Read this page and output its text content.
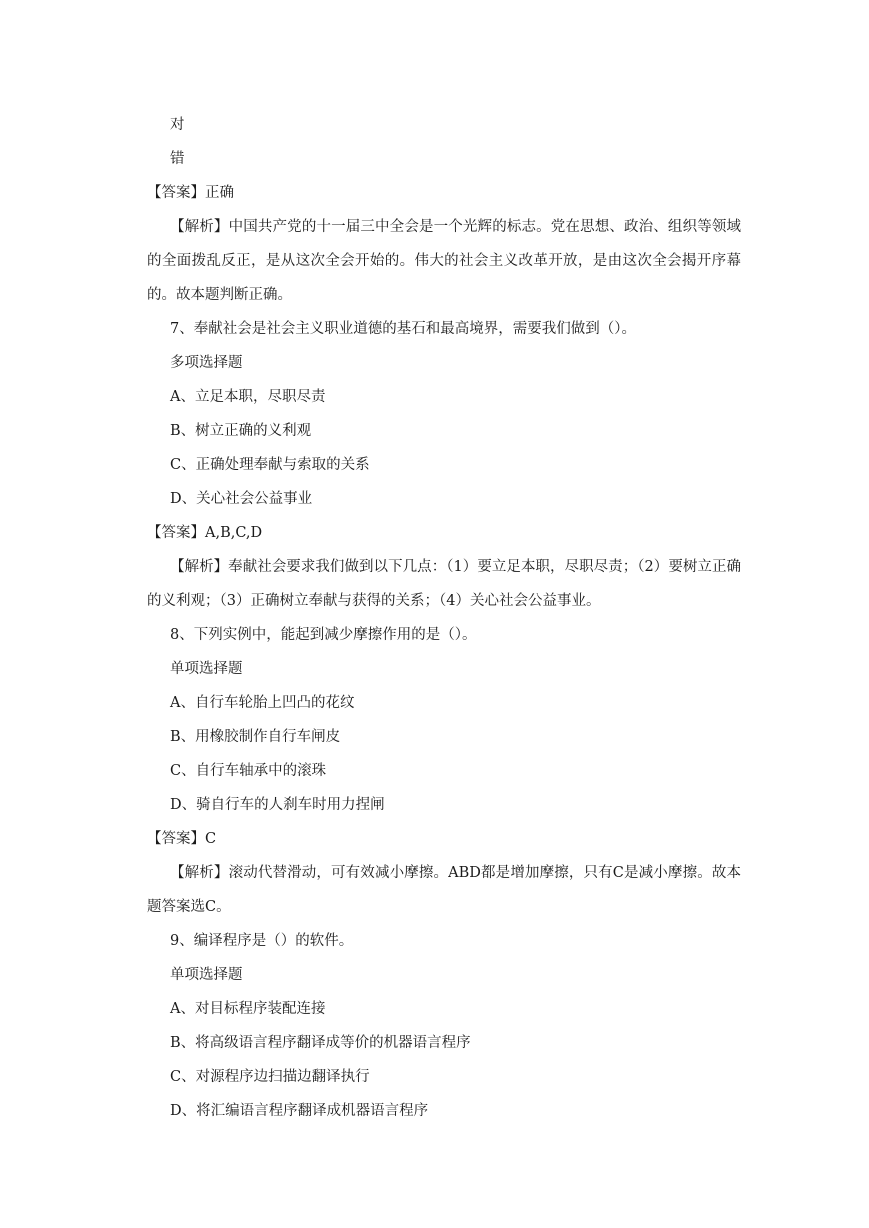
对

错

【答案】正确

【解析】中国共产党的十一届三中全会是一个光辉的标志。党在思想、政治、组织等领域的全面拨乱反正，是从这次全会开始的。伟大的社会主义改革开放，是由这次全会揭开序幕的。故本题判断正确。

7、奉献社会是社会主义职业道德的基石和最高境界，需要我们做到（）。

多项选择题

A、立足本职，尽职尽责

B、树立正确的义利观

C、正确处理奉献与索取的关系

D、关心社会公益事业

【答案】A,B,C,D

【解析】奉献社会要求我们做到以下几点：（1）要立足本职，尽职尽责；（2）要树立正确的义利观；（3）正确树立奉献与获得的关系；（4）关心社会公益事业。

8、下列实例中，能起到减少摩擦作用的是（）。

单项选择题

A、自行车轮胎上凹凸的花纹

B、用橡胶制作自行车闸皮

C、自行车轴承中的滚珠

D、骑自行车的人刹车时用力捏闸

【答案】C

【解析】滚动代替滑动，可有效减小摩擦。ABD都是增加摩擦，只有C是减小摩擦。故本题答案选C。

9、编译程序是（）的软件。

单项选择题

A、对目标程序装配连接

B、将高级语言程序翻译成等价的机器语言程序

C、对源程序边扫描边翻译执行

D、将汇编语言程序翻译成机器语言程序
